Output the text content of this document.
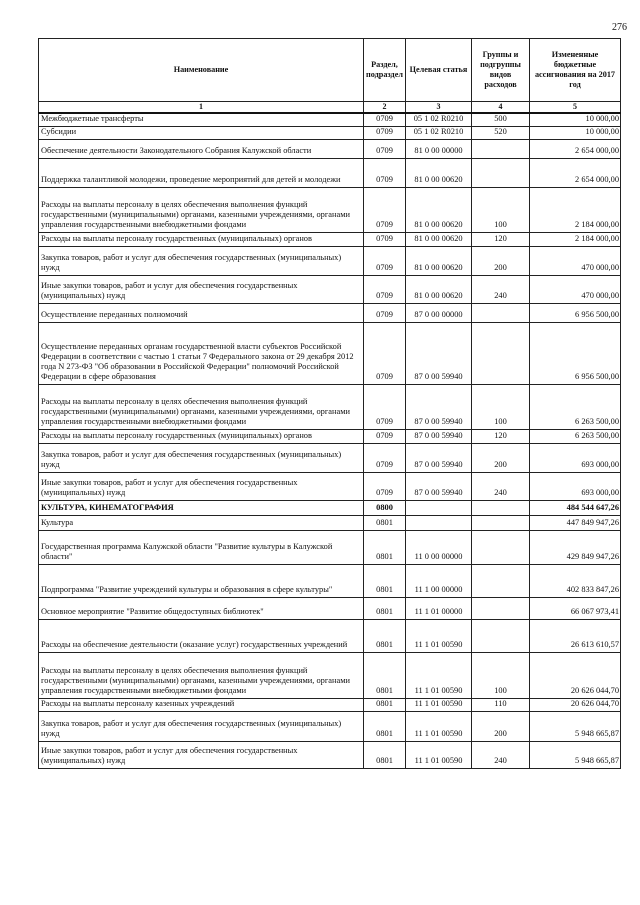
276
Наименование	Раздел, подраздел	Целевая статья	Группы и подгруппы видов расходов	Измененные бюджетные ассигнования на 2017 год
1	2	3	4	5
Межбюджетные трансферты	0709	05 1 02 R0210	500	10 000,00
Субсидии	0709	05 1 02 R0210	520	10 000,00
Обеспечение деятельности Законодательного Собрания Калужской области	0709	81 0 00 00000		2 654 000,00
Поддержка талантливой молодежи, проведение мероприятий для детей и молодежи	0709	81 0 00 00620		2 654 000,00
Расходы на выплаты персоналу в целях обеспечения выполнения функций государственными (муниципальными) органами, казенными учреждениями, органами управления государственными внебюджетными фондами	0709	81 0 00 00620	100	2 184 000,00
Расходы на выплаты персоналу государственных (муниципальных) органов	0709	81 0 00 00620	120	2 184 000,00
Закупка товаров, работ и услуг для обеспечения государственных (муниципальных) нужд	0709	81 0 00 00620	200	470 000,00
Иные закупки товаров, работ и услуг для обеспечения государственных (муниципальных) нужд	0709	81 0 00 00620	240	470 000,00
Осуществление переданных полномочий	0709	87 0 00 00000		6 956 500,00
Осуществление переданных органам государственной власти субъектов Российской Федерации в соответствии с частью 1 статьи 7 Федерального закона от 29 декабря 2012 года N 273-ФЗ "Об образовании в Российской Федерации" полномочий Российской Федерации в сфере образования	0709	87 0 00 59940		6 956 500,00
Расходы на выплаты персоналу в целях обеспечения выполнения функций государственными (муниципальными) органами, казенными учреждениями, органами управления государственными внебюджетными фондами	0709	87 0 00 59940	100	6 263 500,00
Расходы на выплаты персоналу государственных (муниципальных) органов	0709	87 0 00 59940	120	6 263 500,00
Закупка товаров, работ и услуг для обеспечения государственных (муниципальных) нужд	0709	87 0 00 59940	200	693 000,00
Иные закупки товаров, работ и услуг для обеспечения государственных (муниципальных) нужд	0709	87 0 00 59940	240	693 000,00
КУЛЬТУРА, КИНЕМАТОГРАФИЯ	0800			484 544 647,26
Культура	0801			447 849 947,26
Государственная программа Калужской области "Развитие культуры в Калужской области"	0801	11 0 00 00000		429 849 947,26
Подпрограмма "Развитие учреждений культуры и образования в сфере культуры"	0801	11 1 00 00000		402 833 847,26
Основное мероприятие "Развитие общедоступных библиотек"	0801	11 1 01 00000		66 067 973,41
Расходы на обеспечение деятельности (оказание услуг) государственных учреждений	0801	11 1 01 00590		26 613 610,57
Расходы на выплаты персоналу в целях обеспечения выполнения функций государственными (муниципальными) органами, казенными учреждениями, органами управления государственными внебюджетными фондами	0801	11 1 01 00590	100	20 626 044,70
Расходы на выплаты персоналу казенных учреждений	0801	11 1 01 00590	110	20 626 044,70
Закупка товаров, работ и услуг для обеспечения государственных (муниципальных) нужд	0801	11 1 01 00590	200	5 948 665,87
Иные закупки товаров, работ и услуг для обеспечения государственных (муниципальных) нужд	0801	11 1 01 00590	240	5 948 665,87
